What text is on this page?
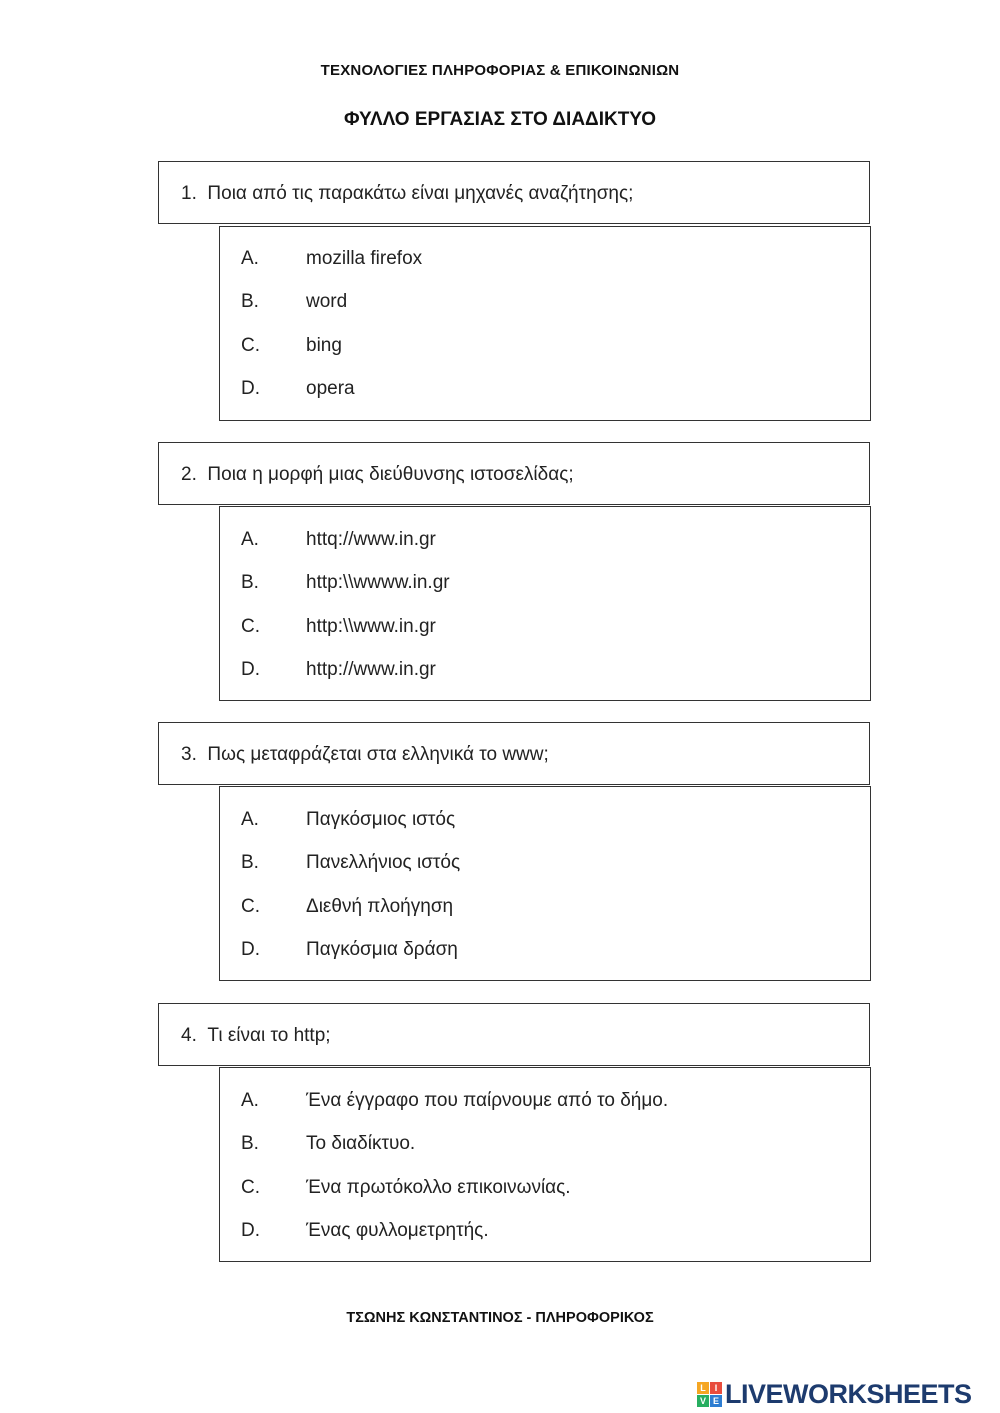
ΤΕΧΝΟΛΟΓΙΕΣ ΠΛΗΡΟΦΟΡΙΑΣ & ΕΠΙΚΟΙΝΩΝΙΩΝ
ΦΥΛΛΟ ΕΡΓΑΣΙΑΣ ΣΤΟ ΔΙΑΔΙΚΤΥΟ
1. Ποια από τις παρακάτω είναι μηχανές αναζήτησης;
A. mozilla firefox
B. word
C. bing
D. opera
2. Ποια η μορφή μιας διεύθυνσης ιστοσελίδας;
A. httq://www.in.gr
B. http:\\wwww.in.gr
C. http:\\www.in.gr
D. http://www.in.gr
3. Πως μεταφράζεται στα ελληνικά το www;
A. Παγκόσμιος ιστός
B. Πανελλήνιος ιστός
C. Διεθνή πλοήγηση
D. Παγκόσμια δράση
4. Τι είναι το http;
A. Ένα έγγραφο που παίρνουμε από το δήμο.
B. Το διαδίκτυο.
C. Ένα πρωτόκολλο επικοινωνίας.
D. Ένας φυλλομετρητής.
ΤΣΩΝΗΣ ΚΩΝΣΤΑΝΤΙΝΟΣ - ΠΛΗΡΟΦΟΡΙΚΟΣ
L I
V E LIVEWORKSHEETS
